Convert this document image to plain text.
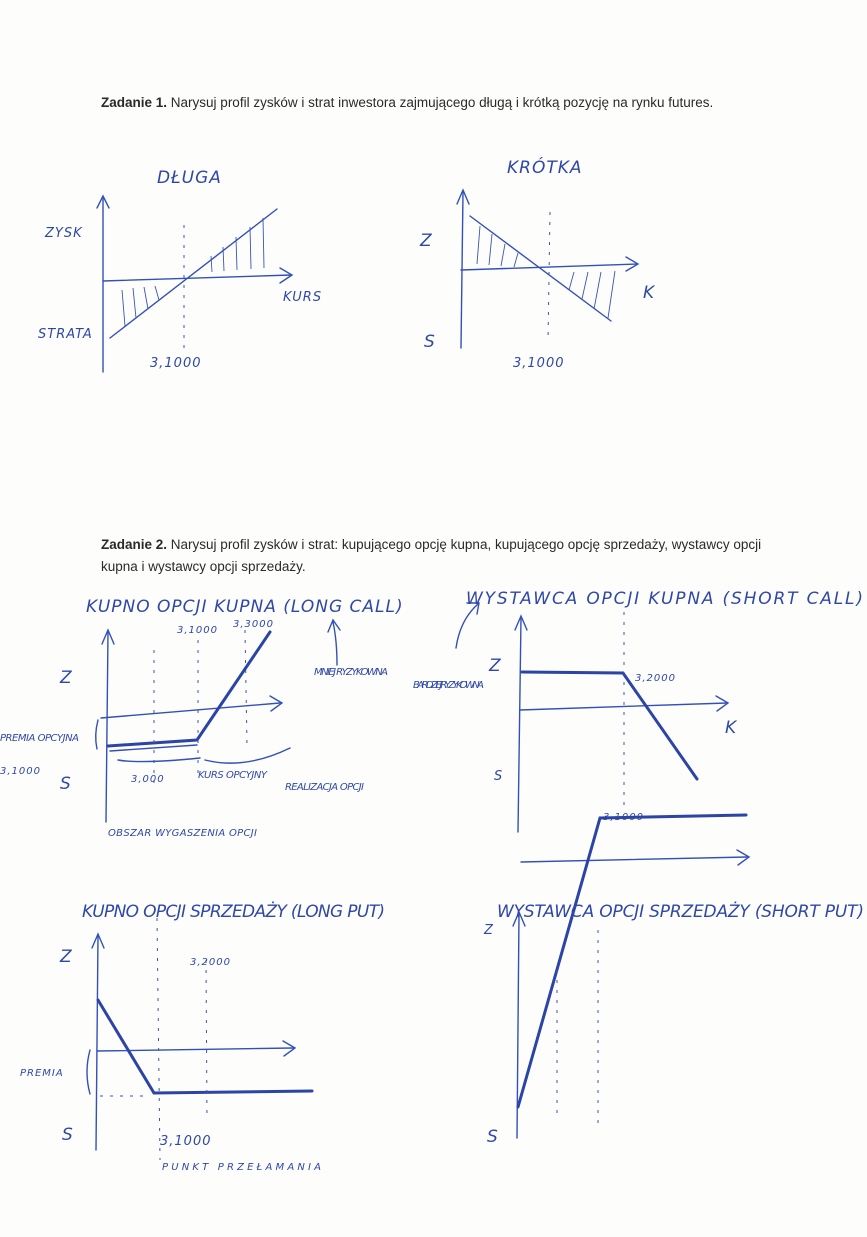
Zadanie 1. Narysuj profil zysków i strat inwestora zajmującego długą i krótką pozycję na rynku futures.
Zadanie 2. Narysuj profil zysków i strat: kupującego opcję kupna, kupującego opcję sprzedaży, wystawcy opcji kupna i wystawcy opcji sprzedaży.
DŁUGA
ZYSK
STRATA
KURS
3,1000
KRÓTKA
Z
S
K
3,1000
KUPNO OPCJI KUPNA (LONG CALL)
Z
S
3,1000
3,3000
PREMIA OPCYJNA
3,1000
3,000	KURS OPCYJNY
REALIZACJA OPCJI
OBSZAR WYGASZENIA OPCJI
MNIEJ RYZYKOWNA
WYSTAWCA OPCJI KUPNA (SHORT CALL)
Z
S
K
3,2000
3,1000
BARDZIEJ RYZYKOWNA
KUPNO OPCJI SPRZEDAŻY (LONG PUT)
Z
S
3,2000
3,1000
PREMIA
PUNKT PRZEŁAMANIA
WYSTAWCA OPCJI SPRZEDAŻY (SHORT PUT)
Z
S
